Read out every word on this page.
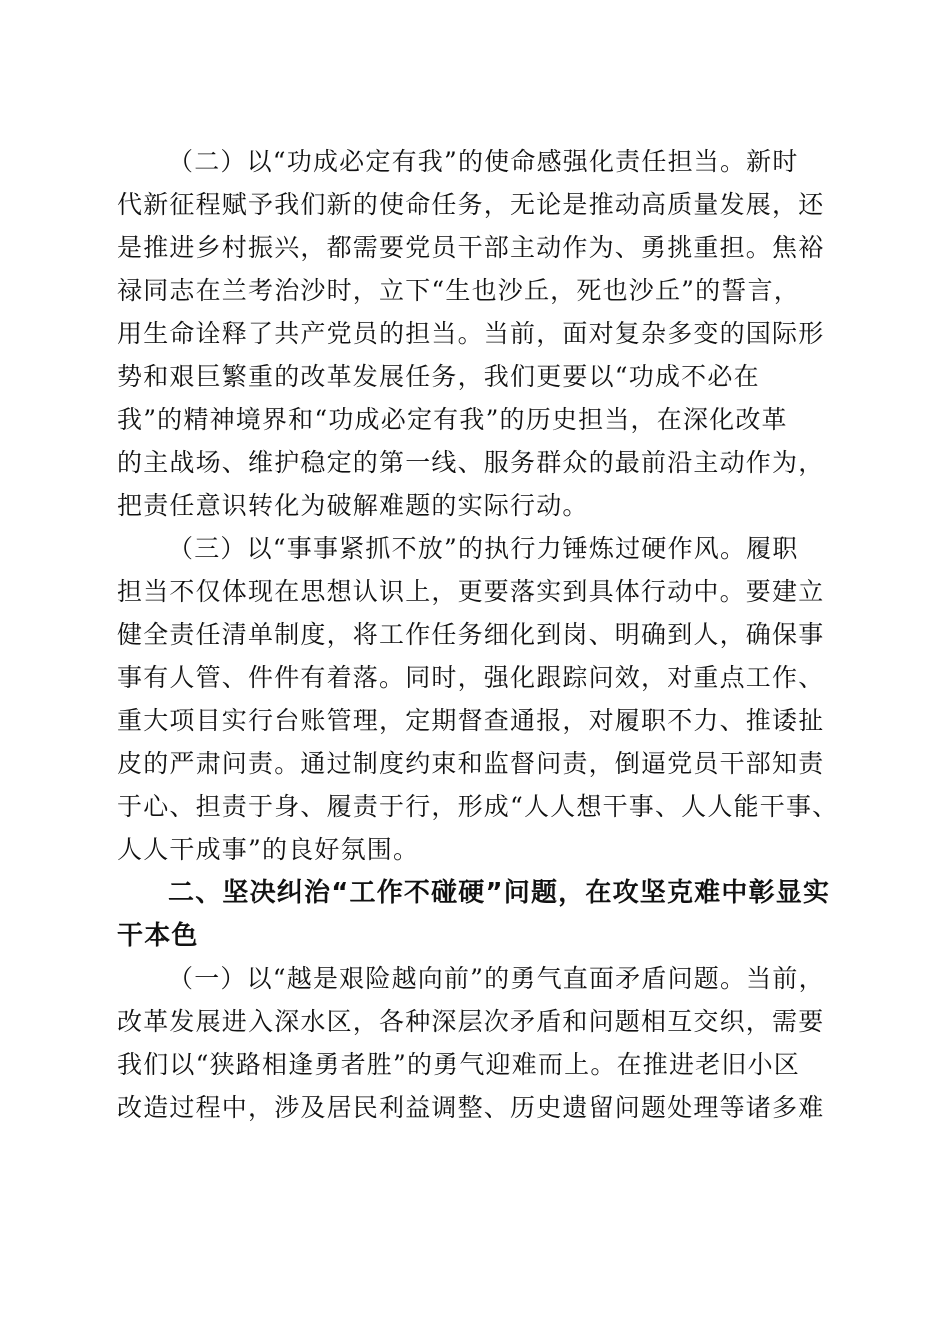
（二）以“功成必定有我”的使命感强化责任担当。新时
代新征程赋予我们新的使命任务，无论是推动高质量发展，还
是推进乡村振兴，都需要党员干部主动作为、勇挑重担。焦裕
禄同志在兰考治沙时，立下“生也沙丘，死也沙丘”的誓言，
用生命诠释了共产党员的担当。当前，面对复杂多变的国际形
势和艰巨繁重的改革发展任务，我们更要以“功成不必在
我”的精神境界和“功成必定有我”的历史担当，在深化改革
的主战场、维护稳定的第一线、服务群众的最前沿主动作为，
把责任意识转化为破解难题的实际行动。
（三）以“事事紧抓不放”的执行力锤炼过硬作风。履职
担当不仅体现在思想认识上，更要落实到具体行动中。要建立
健全责任清单制度，将工作任务细化到岗、明确到人，确保事
事有人管、件件有着落。同时，强化跟踪问效，对重点工作、
重大项目实行台账管理，定期督查通报，对履职不力、推诿扯
皮的严肃问责。通过制度约束和监督问责，倒逼党员干部知责
于心、担责于身、履责于行，形成“人人想干事、人人能干事、
人人干成事”的良好氛围。
二、坚决纠治“工作不碰硬”问题，在攻坚克难中彰显实
干本色
（一）以“越是艰险越向前”的勇气直面矛盾问题。当前，
改革发展进入深水区，各种深层次矛盾和问题相互交织，需要
我们以“狭路相逢勇者胜”的勇气迎难而上。在推进老旧小区
改造过程中，涉及居民利益调整、历史遗留问题处理等诸多难
